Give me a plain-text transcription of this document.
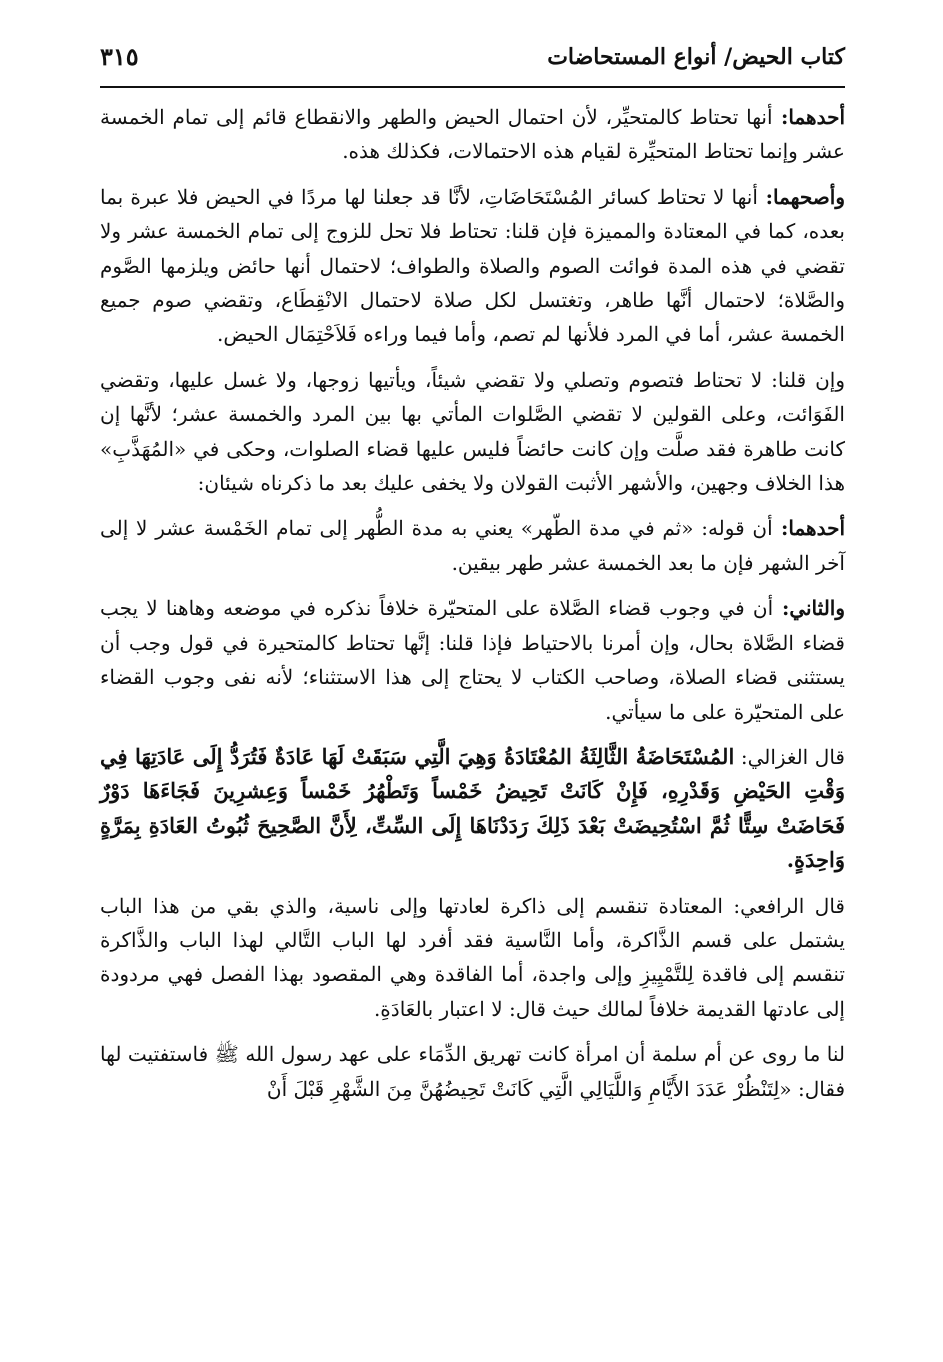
كتاب الحيض/ أنواع المستحاضات
٣١٥

أحدهما: أنها تحتاط كالمتحيِّر، لأن احتمال الحيض والطهر والانقطاع قائم إلى تمام الخمسة عشر وإنما تحتاط المتحيِّرة لقيام هذه الاحتمالات، فكذلك هذه.

وأصحهما: أنها لا تحتاط كسائر المُسْتَحَاضَاتِ، لأنَّا قد جعلنا لها مردًا في الحيض فلا عبرة بما بعده، كما في المعتادة والمميزة فإن قلنا: تحتاط فلا تحل للزوج إلى تمام الخمسة عشر ولا تقضي في هذه المدة فوائت الصوم والصلاة والطواف؛ لاحتمال أنها حائض ويلزمها الصَّوم والصَّلاة؛ لاحتمال أنَّها طاهر، وتغتسل لكل صلاة لاحتمال الانْقِطَاع، وتقضي صوم جميع الخمسة عشر، أما في المرد فلأنها لم تصم، وأما فيما وراءه فَلاَحْتِمَال الحيض.

وإن قلنا: لا تحتاط فتصوم وتصلي ولا تقضي شيئاً، ويأتيها زوجها، ولا غسل عليها، وتقضي الفَوَائت، وعلى القولين لا تقضي الصَّلوات المأتي بها بين المرد والخمسة عشر؛ لأنَّها إن كانت طاهرة فقد صلَّت وإن كانت حائضاً فليس عليها قضاء الصلوات، وحكى في «المُهَذَّبِ» هذا الخلاف وجهين، والأشهر الأثبت القولان ولا يخفى عليك بعد ما ذكرناه شيئان:

أحدهما: أن قوله: «ثم في مدة الطّهر» يعني به مدة الطُّهر إلى تمام الخَمْسة عشر لا إلى آخر الشهر فإن ما بعد الخمسة عشر طهر بيقين.

والثاني: أن في وجوب قضاء الصَّلاة على المتحيّرة خلافاً نذكره في موضعه وهاهنا لا يجب قضاء الصَّلاة بحال، وإن أمرنا بالاحتياط فإذا قلنا: إنَّها تحتاط كالمتحيرة في قول وجب أن يستثنى قضاء الصلاة، وصاحب الكتاب لا يحتاج إلى هذا الاستثناء؛ لأنه نفى وجوب القضاء على المتحيّرة على ما سيأتي.

قال الغزالي: المُسْتَحَاضَةُ الثَّالِثَةُ المُعْتَادَةُ وَهِيَ الَّتِي سَبَقَتْ لَهَا عَادَةٌ فَتُرَدُّ إِلَى عَادَتِهَا فِي وَقْتِ الحَيْضِ وَقَدْرِهِ، فَإِنْ كَانَتْ تَحِيضُ خَمْساً وَتَطْهُرُ خَمْساً وَعِشرِينَ فَجَاءَهَا دَوْرٌ فَحَاضَتْ سِتًّا ثُمَّ اسْتُحِيضَتْ بَعْدَ ذَلِكَ رَدَدْنَاهَا إِلَى السِّتِّ، لِأَنَّ الصَّحِيحَ ثُبُوتُ العَادَةِ بِمَرَّةٍ وَاحِدَةٍ.

قال الرافعي: المعتادة تنقسم إلى ذاكرة لعادتها وإلى ناسية، والذي بقي من هذا الباب يشتمل على قسم الذَّاكرة، وأما النَّاسية فقد أفرد لها الباب التَّالي لهذا الباب والذَّاكرة تنقسم إلى فاقدة لِلتَّمْيِيزِ وإلى واجدة، أما الفاقدة وهي المقصود بهذا الفصل فهي مردودة إلى عادتها القديمة خلافاً لمالك حيث قال: لا اعتبار بالعَادَةِ.

لنا ما روى عن أم سلمة أن امرأة كانت تهريق الدِّمَاء على عهد رسول الله ﷺ فاستفتيت لها فقال: «لِتَنْظُرْ عَدَدَ الأَيَّامِ وَاللَّيَالِي الَّتِي كَانَتْ تَحِيضُهُنَّ مِنَ الشَّهْرِ قَبْلَ أَنْ
